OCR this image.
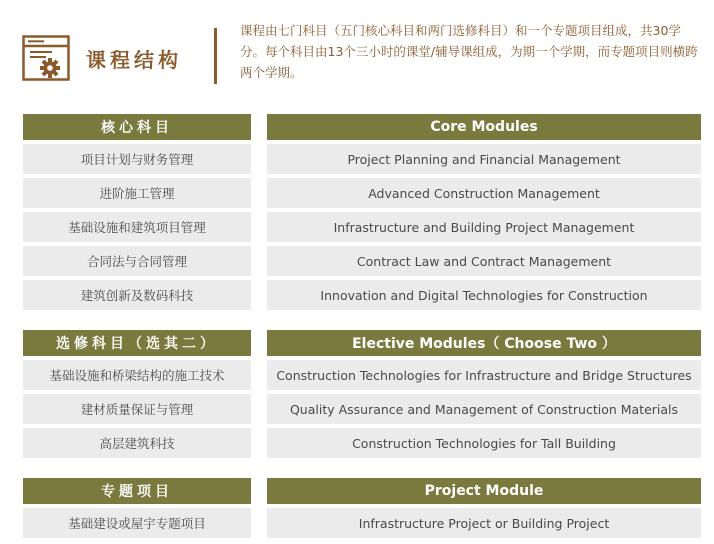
课程结构
课程由七门科目（五门核心科目和两门选修科目）和一个专题项目组成，共30学分。每个科目由13个三小时的课堂/辅导课组成，为期一个学期，而专题项目则横跨两个学期。
核心科目
项目计划与财务管理
进阶施工管理
基础设施和建筑项目管理
合同法与合同管理
建筑创新及数码科技
Core Modules
Project Planning and Financial Management
Advanced Construction Management
Infrastructure and Building Project Management
Contract Law and Contract Management
Innovation and Digital Technologies for Construction
选修科目（选其二）
基础设施和桥梁结构的施工技术
建材质量保证与管理
高层建筑科技
Elective Modules（ Choose Two ）
Construction Technologies for Infrastructure and Bridge Structures
Quality Assurance and Management of Construction Materials
Construction Technologies for Tall Building
专题项目
基础建设或屋宇专题项目
Project Module
Infrastructure Project or Building Project
